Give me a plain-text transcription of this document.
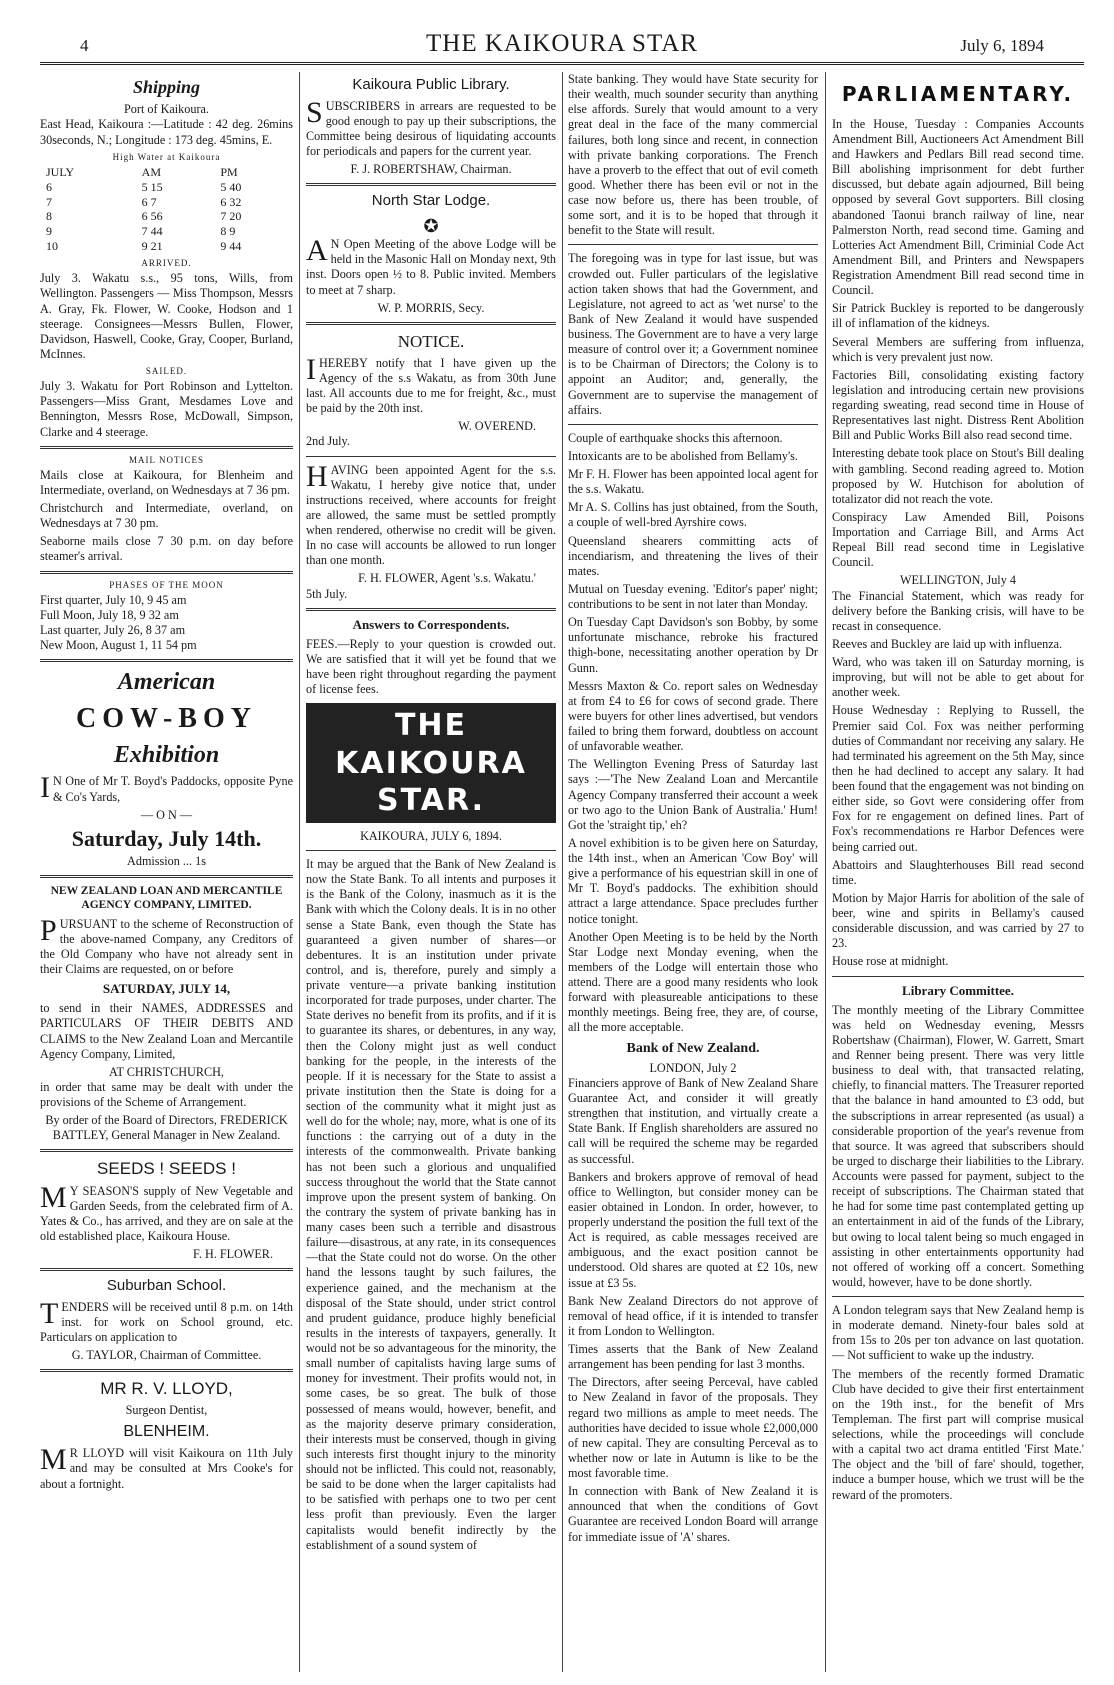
4	THE KAIKOURA STAR	July 6, 1894
Shipping
Port of Kaikoura.

East Head, Kaikoura :—Latitude : 42 deg. 26mins 30seconds, N.; Longitude : 173 deg. 45mins, E.

High Water at Kaikoura
JULY	AM	PM
6	5 15	5 40
7	6 7	6 32
8	6 56	7 20
9	7 44	8 9
10	9 21	9 44
ARRIVED.

July 3. Wakatu s.s., 95 tons, Wills, from Wellington. Passengers — Miss Thompson, Messrs A. Gray, Fk. Flower, W. Cooke, Hodson and 1 steerage. Consignees—Messrs Bullen, Flower, Davidson, Haswell, Cooke, Gray, Cooper, Burland, McInnes.

SAILED.

July 3. Wakatu for Port Robinson and Lyttelton. Passengers—Miss Grant, Mesdames Love and Bennington, Messrs Rose, McDowall, Simpson, Clarke and 4 steerage.

MAIL NOTICES

Mails close at Kaikoura, for Blenheim and Intermediate, overland, on Wednesdays at 7 36 pm.

Christchurch and Intermediate, overland, on Wednesdays at 7 30 pm.

Seaborne mails close 7 30 p.m. on day before steamer's arrival.

PHASES OF THE MOON
First quarter, July 10, 9 45 am
Full Moon, July 18, 9 32 am
Last quarter, July 26, 8 37 am
New Moon, August 1, 11 54 pm
American
COW-BOY
Exhibition

IN One of Mr T. Boyd's Paddocks, opposite Pyne & Co's Yards,

— O N —
Saturday, July 14th.
Admission ... 1s
NEW ZEALAND LOAN AND MERCANTILE AGENCY COMPANY, LIMITED.

PURSUANT to the scheme of Reconstruction of the above-named Company, any Creditors of the Old Company who have not already sent in their Claims are requested, on or before

SATURDAY, JULY 14,

to send in their NAMES, ADDRESSES and PARTICULARS OF THEIR DEBITS AND CLAIMS to the New Zealand Loan and Mercantile Agency Company, Limited,

AT CHRISTCHURCH,

in order that same may be dealt with under the provisions of the Scheme of Arrangement.

By order of the Board of Directors, FREDERICK BATTLEY, General Manager in New Zealand.

SEEDS ! SEEDS !

MY SEASON'S supply of New Vegetable and Garden Seeds, from the celebrated firm of A. Yates & Co., has arrived, and they are on sale at the old established place, Kaikoura House.

F. H. FLOWER.
Suburban School.

TENDERS will be received until 8 p.m. on 14th inst. for work on School ground, etc. Particulars on application to

G. TAYLOR, Chairman of Committee.
MR R. V. LLOYD,
Surgeon Dentist,
BLENHEIM.

MR LLOYD will visit Kaikoura on 11th July and may be consulted at Mrs Cooke's for about a fortnight.

Kaikoura Public Library.

SUBSCRIBERS in arrears are requested to be good enough to pay up their subscriptions, the Committee being desirous of liquidating accounts for periodicals and papers for the current year.

F. J. ROBERTSHAW, Chairman.
North Star Lodge.
✪

AN Open Meeting of the above Lodge will be held in the Masonic Hall on Monday next, 9th inst. Doors open ½ to 8. Public invited. Members to meet at 7 sharp.

W. P. MORRIS, Secy.
NOTICE.

IHEREBY notify that I have given up the Agency of the s.s Wakatu, as from 30th June last. All accounts due to me for freight, &c., must be paid by the 20th inst.

W. OVEREND.
2nd July.

HAVING been appointed Agent for the s.s. Wakatu, I hereby give notice that, under instructions received, where accounts for freight are allowed, the same must be settled promptly when rendered, otherwise no credit will be given. In no case will accounts be allowed to run longer than one month.

F. H. FLOWER, Agent 's.s. Wakatu.'
5th July.
Answers to Correspondents.

FEES.—Reply to your question is crowded out. We are satisfied that it will yet be found that we have been right throughout regarding the payment of license fees.

THE KAIKOURA STAR.
KAIKOURA, JULY 6, 1894.

It may be argued that the Bank of New Zealand is now the State Bank. To all intents and purposes it is the Bank of the Colony, inasmuch as it is the Bank with which the Colony deals. It is in no other sense a State Bank, even though the State has guaranteed a given number of shares—or debentures. It is an institution under private control, and is, therefore, purely and simply a private venture—a private banking institution incorporated for trade purposes, under charter. The State derives no benefit from its profits, and if it is to guarantee its shares, or debentures, in any way, then the Colony might just as well conduct banking for the people, in the interests of the people. If it is necessary for the State to assist a private institution then the State is doing for a section of the community what it might just as well do for the whole; nay, more, what is one of its functions : the carrying out of a duty in the interests of the commonwealth. Private banking has not been such a glorious and unqualified success throughout the world that the State cannot improve upon the present system of banking. On the contrary the system of private banking has in many cases been such a terrible and disastrous failure—disastrous, at any rate, in its consequences—that the State could not do worse. On the other hand the lessons taught by such failures, the experience gained, and the mechanism at the disposal of the State should, under strict control and prudent guidance, produce highly beneficial results in the interests of taxpayers, generally. It would not be so advantageous for the minority, the small number of capitalists having large sums of money for investment. Their profits would not, in some cases, be so great. The bulk of those possessed of means would, however, benefit, and as the majority deserve primary consideration, their interests must be conserved, though in giving such interests first thought injury to the minority should not be inflicted. This could not, reasonably, be said to be done when the larger capitalists had to be satisfied with perhaps one to two per cent less profit than previously. Even the larger capitalists would benefit indirectly by the establishment of a sound system of

State banking. They would have State security for their wealth, much sounder security than anything else affords. Surely that would amount to a very great deal in the face of the many commercial failures, both long since and recent, in connection with private banking corporations. The French have a proverb to the effect that out of evil cometh good. Whether there has been evil or not in the case now before us, there has been trouble, of some sort, and it is to be hoped that through it benefit to the State will result.

The foregoing was in type for last issue, but was crowded out. Fuller particulars of the legislative action taken shows that had the Government, and Legislature, not agreed to act as 'wet nurse' to the Bank of New Zealand it would have suspended business. The Government are to have a very large measure of control over it; a Government nominee is to be Chairman of Directors; the Colony is to appoint an Auditor; and, generally, the Government are to supervise the management of affairs.

Couple of earthquake shocks this afternoon.

Intoxicants are to be abolished from Bellamy's.

Mr F. H. Flower has been appointed local agent for the s.s. Wakatu.

Mr A. S. Collins has just obtained, from the South, a couple of well-bred Ayrshire cows.

Queensland shearers committing acts of incendiarism, and threatening the lives of their mates.

Mutual on Tuesday evening. 'Editor's paper' night; contributions to be sent in not later than Monday.

On Tuesday Capt Davidson's son Bobby, by some unfortunate mischance, rebroke his fractured thigh-bone, necessitating another operation by Dr Gunn.

Messrs Maxton & Co. report sales on Wednesday at from £4 to £6 for cows of second grade. There were buyers for other lines advertised, but vendors failed to bring them forward, doubtless on account of unfavorable weather.

The Wellington Evening Press of Saturday last says :—'The New Zealand Loan and Mercantile Agency Company transferred their account a week or two ago to the Union Bank of Australia.' Hum! Got the 'straight tip,' eh?

A novel exhibition is to be given here on Saturday, the 14th inst., when an American 'Cow Boy' will give a performance of his equestrian skill in one of Mr T. Boyd's paddocks. The exhibition should attract a large attendance. Space precludes further notice tonight.

Another Open Meeting is to be held by the North Star Lodge next Monday evening, when the members of the Lodge will entertain those who attend. There are a good many residents who look forward with pleasureable anticipations to these monthly meetings. Being free, they are, of course, all the more acceptable.

Bank of New Zealand.
LONDON, July 2

Financiers approve of Bank of New Zealand Share Guarantee Act, and consider it will greatly strengthen that institution, and virtually create a State Bank. If English shareholders are assured no call will be required the scheme may be regarded as successful.

Bankers and brokers approve of removal of head office to Wellington, but consider money can be easier obtained in London. In order, however, to properly understand the position the full text of the Act is required, as cable messages received are ambiguous, and the exact position cannot be understood. Old shares are quoted at £2 10s, new issue at £3 5s.

Bank New Zealand Directors do not approve of removal of head office, if it is intended to transfer it from London to Wellington.

Times asserts that the Bank of New Zealand arrangement has been pending for last 3 months.

The Directors, after seeing Perceval, have cabled to New Zealand in favor of the proposals. They regard two millions as ample to meet needs. The authorities have decided to issue whole £2,000,000 of new capital. They are consulting Perceval as to whether now or late in Autumn is like to be the most favorable time.

In connection with Bank of New Zealand it is announced that when the conditions of Govt Guarantee are received London Board will arrange for immediate issue of 'A' shares.

PARLIAMENTARY.

In the House, Tuesday : Companies Accounts Amendment Bill, Auctioneers Act Amendment Bill and Hawkers and Pedlars Bill read second time. Bill abolishing imprisonment for debt further discussed, but debate again adjourned, Bill being opposed by several Govt supporters. Bill closing abandoned Taonui branch railway of line, near Palmerston North, read second time. Gaming and Lotteries Act Amendment Bill, Criminial Code Act Amendment Bill, and Printers and Newspapers Registration Amendment Bill read second time in Council.

Sir Patrick Buckley is reported to be dangerously ill of inflamation of the kidneys.

Several Members are suffering from influenza, which is very prevalent just now.

Factories Bill, consolidating existing factory legislation and introducing certain new provisions regarding sweating, read second time in House of Representatives last night. Distress Rent Abolition Bill and Public Works Bill also read second time.

Interesting debate took place on Stout's Bill dealing with gambling. Second reading agreed to. Motion proposed by W. Hutchison for abolution of totalizator did not reach the vote.

Conspiracy Law Amended Bill, Poisons Importation and Carriage Bill, and Arms Act Repeal Bill read second time in Legislative Council.

WELLINGTON, July 4

The Financial Statement, which was ready for delivery before the Banking crisis, will have to be recast in consequence.

Reeves and Buckley are laid up with influenza.

Ward, who was taken ill on Saturday morning, is improving, but will not be able to get about for another week.

House Wednesday : Replying to Russell, the Premier said Col. Fox was neither performing duties of Commandant nor receiving any salary. He had terminated his agreement on the 5th May, since then he had declined to accept any salary. It had been found that the engagement was not binding on either side, so Govt were considering offer from Fox for re engagement on defined lines. Part of Fox's recommendations re Harbor Defences were being carried out.

Abattoirs and Slaughterhouses Bill read second time.

Motion by Major Harris for abolition of the sale of beer, wine and spirits in Bellamy's caused considerable discussion, and was carried by 27 to 23.

House rose at midnight.

Library Committee.

The monthly meeting of the Library Committee was held on Wednesday evening, Messrs Robertshaw (Chairman), Flower, W. Garrett, Smart and Renner being present. There was very little business to deal with, that transacted relating, chiefly, to financial matters. The Treasurer reported that the balance in hand amounted to £3 odd, but the subscriptions in arrear represented (as usual) a considerable proportion of the year's revenue from that source. It was agreed that subscribers should be urged to discharge their liabilities to the Library. Accounts were passed for payment, subject to the receipt of subscriptions. The Chairman stated that he had for some time past contemplated getting up an entertainment in aid of the funds of the Library, but owing to local talent being so much engaged in assisting in other entertainments opportunity had not offered of working off a concert. Something would, however, have to be done shortly.

A London telegram says that New Zealand hemp is in moderate demand. Ninety-four bales sold at from 15s to 20s per ton advance on last quotation. — Not sufficient to wake up the industry.

The members of the recently formed Dramatic Club have decided to give their first entertainment on the 19th inst., for the benefit of Mrs Templeman. The first part will comprise musical selections, while the proceedings will conclude with a capital two act drama entitled 'First Mate.' The object and the 'bill of fare' should, together, induce a bumper house, which we trust will be the reward of the promoters.
